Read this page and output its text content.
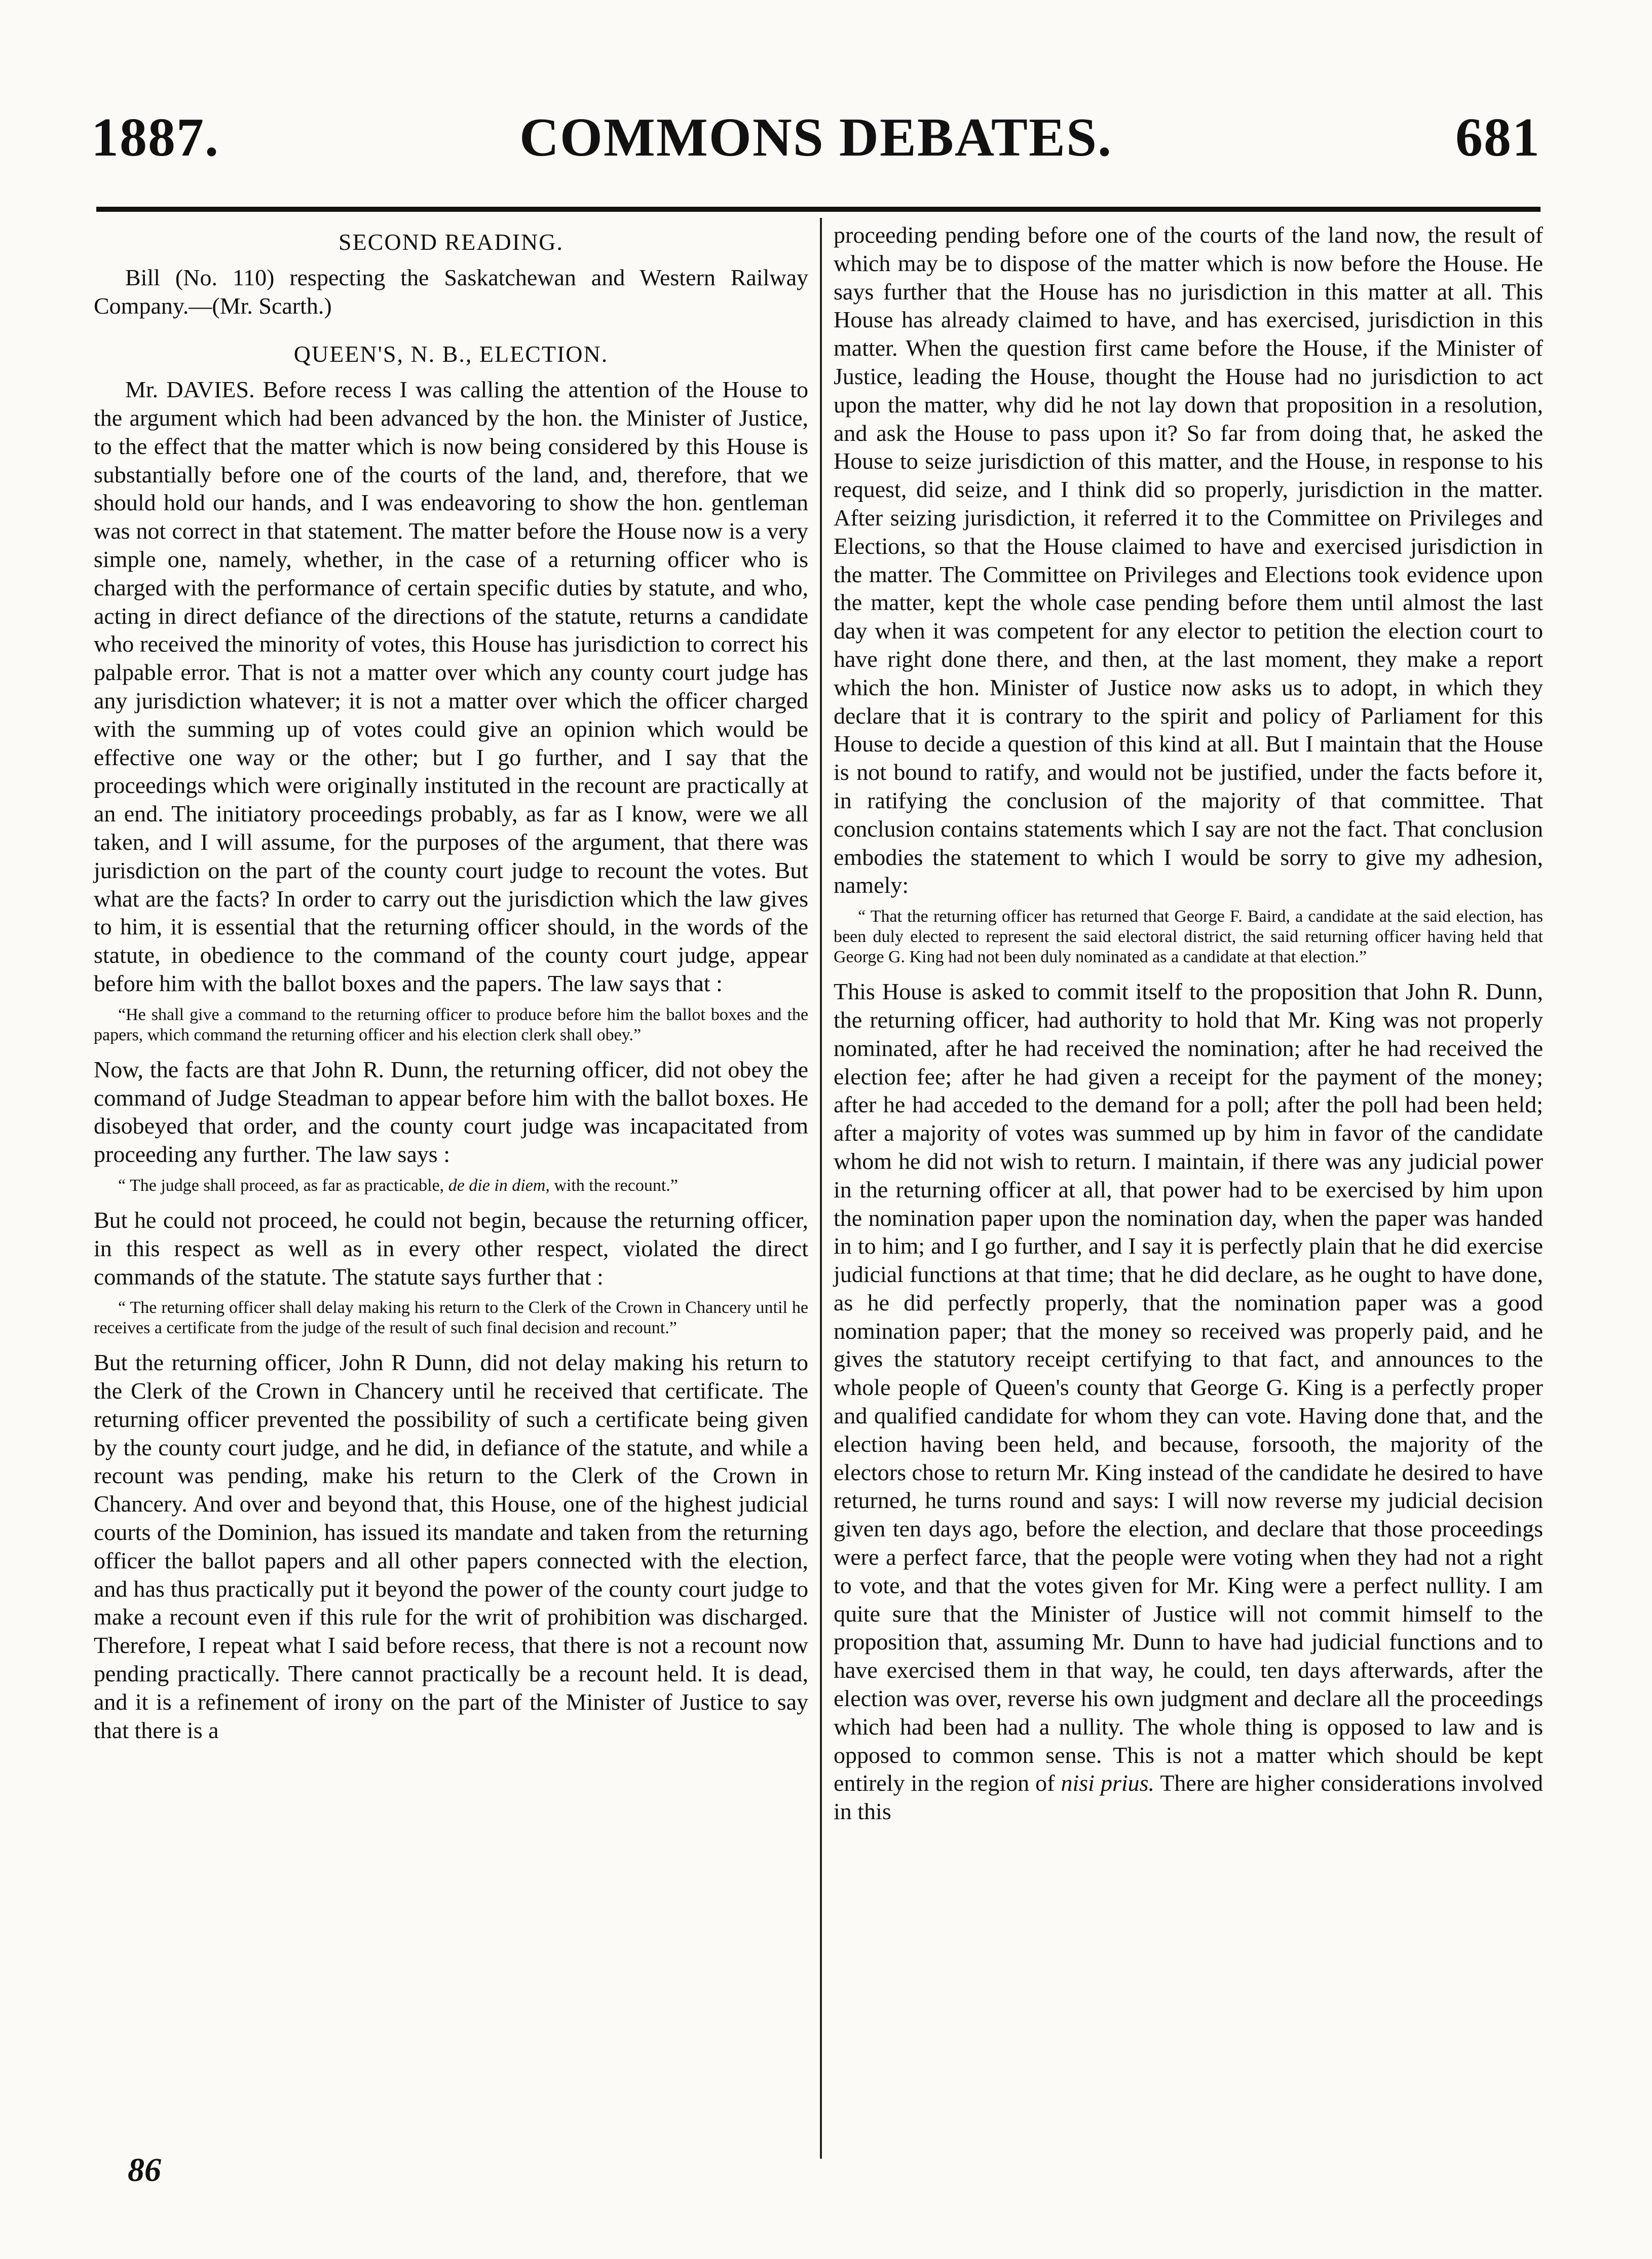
1887.	COMMONS DEBATES.	681

SECOND READING.

Bill (No. 110) respecting the Saskatchewan and Western Railway Company.—(Mr. Scarth.)

QUEEN'S, N. B., ELECTION.

Mr. DAVIES. Before recess I was calling the attention of the House to the argument which had been advanced by the hon. the Minister of Justice, to the effect that the matter which is now being considered by this House is substantially before one of the courts of the land, and, therefore, that we should hold our hands, and I was endeavoring to show the hon. gentleman was not correct in that statement. The matter before the House now is a very simple one, namely, whether, in the case of a returning officer who is charged with the performance of certain specific duties by statute, and who, acting in direct defiance of the directions of the statute, returns a candidate who received the minority of votes, this House has jurisdiction to correct his palpable error. That is not a matter over which any county court judge has any jurisdiction whatever; it is not a matter over which the officer charged with the summing up of votes could give an opinion which would be effective one way or the other; but I go further, and I say that the proceedings which were originally instituted in the recount are practically at an end. The initiatory proceedings probably, as far as I know, were we all taken, and I will assume, for the purposes of the argument, that there was jurisdiction on the part of the county court judge to recount the votes. But what are the facts? In order to carry out the jurisdiction which the law gives to him, it is essential that the returning officer should, in the words of the statute, in obedience to the command of the county court judge, appear before him with the ballot boxes and the papers. The law says that :

“He shall give a command to the returning officer to produce before him the ballot boxes and the papers, which command the returning officer and his election clerk shall obey.”

Now, the facts are that John R. Dunn, the returning officer, did not obey the command of Judge Steadman to appear before him with the ballot boxes. He disobeyed that order, and the county court judge was incapacitated from proceeding any further. The law says :

“ The judge shall proceed, as far as practicable, de die in diem, with the recount.”

But he could not proceed, he could not begin, because the returning officer, in this respect as well as in every other respect, violated the direct commands of the statute. The statute says further that :

“ The returning officer shall delay making his return to the Clerk of the Crown in Chancery until he receives a certificate from the judge of the result of such final decision and recount.”

But the returning officer, John R Dunn, did not delay making his return to the Clerk of the Crown in Chancery until he received that certificate. The returning officer prevented the possibility of such a certificate being given by the county court judge, and he did, in defiance of the statute, and while a recount was pending, make his return to the Clerk of the Crown in Chancery. And over and beyond that, this House, one of the highest judicial courts of the Dominion, has issued its mandate and taken from the returning officer the ballot papers and all other papers connected with the election, and has thus practically put it beyond the power of the county court judge to make a recount even if this rule for the writ of prohibition was discharged. Therefore, I repeat what I said before recess, that there is not a recount now pending practically. There cannot practically be a recount held. It is dead, and it is a refinement of irony on the part of the Minister of Justice to say that there is a

proceeding pending before one of the courts of the land now, the result of which may be to dispose of the matter which is now before the House. He says further that the House has no jurisdiction in this matter at all. This House has already claimed to have, and has exercised, jurisdiction in this matter. When the question first came before the House, if the Minister of Justice, leading the House, thought the House had no jurisdiction to act upon the matter, why did he not lay down that proposition in a resolution, and ask the House to pass upon it? So far from doing that, he asked the House to seize jurisdiction of this matter, and the House, in response to his request, did seize, and I think did so properly, jurisdiction in the matter. After seizing jurisdiction, it referred it to the Committee on Privileges and Elections, so that the House claimed to have and exercised jurisdiction in the matter. The Committee on Privileges and Elections took evidence upon the matter, kept the whole case pending before them until almost the last day when it was competent for any elector to petition the election court to have right done there, and then, at the last moment, they make a report which the hon. Minister of Justice now asks us to adopt, in which they declare that it is contrary to the spirit and policy of Parliament for this House to decide a question of this kind at all. But I maintain that the House is not bound to ratify, and would not be justified, under the facts before it, in ratifying the conclusion of the majority of that committee. That conclusion contains statements which I say are not the fact. That conclusion embodies the statement to which I would be sorry to give my adhesion, namely:

“ That the returning officer has returned that George F. Baird, a candidate at the said election, has been duly elected to represent the said electoral district, the said returning officer having held that George G. King had not been duly nominated as a candidate at that election.”

This House is asked to commit itself to the proposition that John R. Dunn, the returning officer, had authority to hold that Mr. King was not properly nominated, after he had received the nomination; after he had received the election fee; after he had given a receipt for the payment of the money; after he had acceded to the demand for a poll; after the poll had been held; after a majority of votes was summed up by him in favor of the candidate whom he did not wish to return. I maintain, if there was any judicial power in the returning officer at all, that power had to be exercised by him upon the nomination paper upon the nomination day, when the paper was handed in to him; and I go further, and I say it is perfectly plain that he did exercise judicial functions at that time; that he did declare, as he ought to have done, as he did perfectly properly, that the nomination paper was a good nomination paper; that the money so received was properly paid, and he gives the statutory receipt certifying to that fact, and announces to the whole people of Queen's county that George G. King is a perfectly proper and qualified candidate for whom they can vote. Having done that, and the election having been held, and because, forsooth, the majority of the electors chose to return Mr. King instead of the candidate he desired to have returned, he turns round and says: I will now reverse my judicial decision given ten days ago, before the election, and declare that those proceedings were a perfect farce, that the people were voting when they had not a right to vote, and that the votes given for Mr. King were a perfect nullity. I am quite sure that the Minister of Justice will not commit himself to the proposition that, assuming Mr. Dunn to have had judicial functions and to have exercised them in that way, he could, ten days afterwards, after the election was over, reverse his own judgment and declare all the proceedings which had been had a nullity. The whole thing is opposed to law and is opposed to common sense. This is not a matter which should be kept entirely in the region of nisi prius. There are higher considerations involved in this

86
